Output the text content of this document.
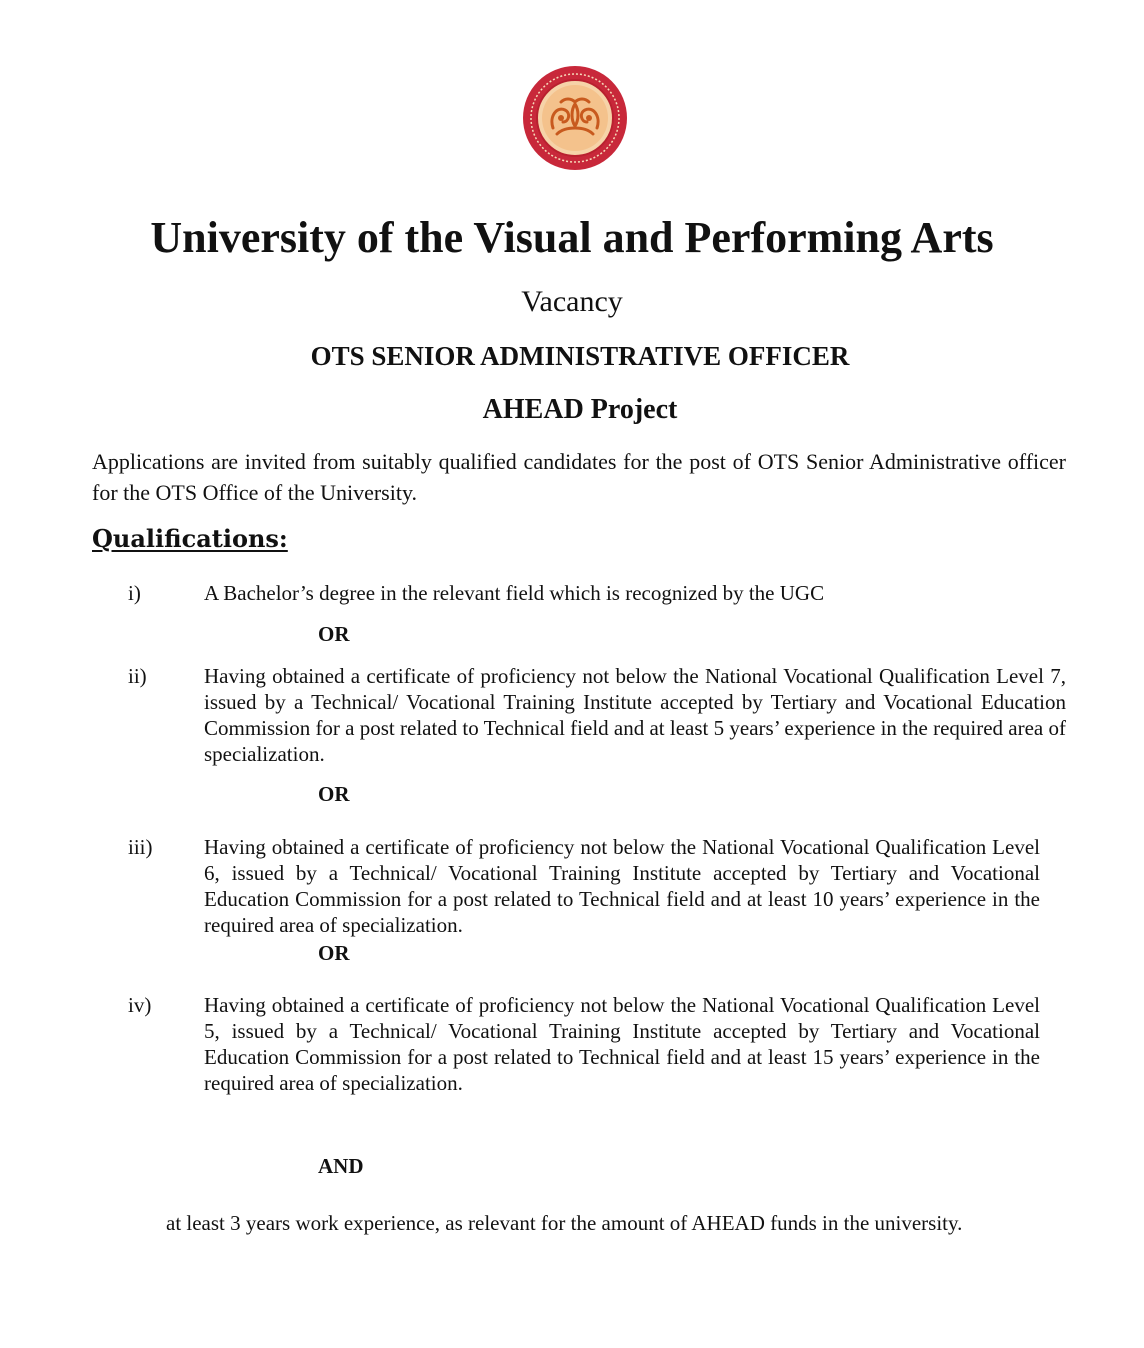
University of the Visual and Performing Arts
Vacancy
OTS SENIOR ADMINISTRATIVE OFFICER
AHEAD Project

Applications are invited from suitably qualified candidates for the post of OTS Senior Administrative officer for the OTS Office of the University.

Qualifications:
i)	A Bachelor’s degree in the relevant field which is recognized by the UGC

OR
ii)	Having obtained a certificate of proficiency not below the National Vocational Qualification Level 7, issued by a Technical/ Vocational Training Institute accepted by Tertiary and Vocational Education Commission for a post related to Technical field and at least 5 years’ experience in the required area of specialization.

OR
iii) Having obtained a certificate of proficiency not below the National Vocational Qualification Level 6, issued by a Technical/ Vocational Training Institute accepted by Tertiary and Vocational Education Commission for a post related to Technical field and at least 10 years’ experience in the required area of specialization.

OR
iv)	Having obtained a certificate of proficiency not below the National Vocational Qualification Level 5, issued by a Technical/ Vocational Training Institute accepted by Tertiary and Vocational Education Commission for a post related to Technical field and at least 15 years’ experience in the required area of specialization.

AND
at least 3 years work experience, as relevant for the amount of AHEAD funds in the university.
